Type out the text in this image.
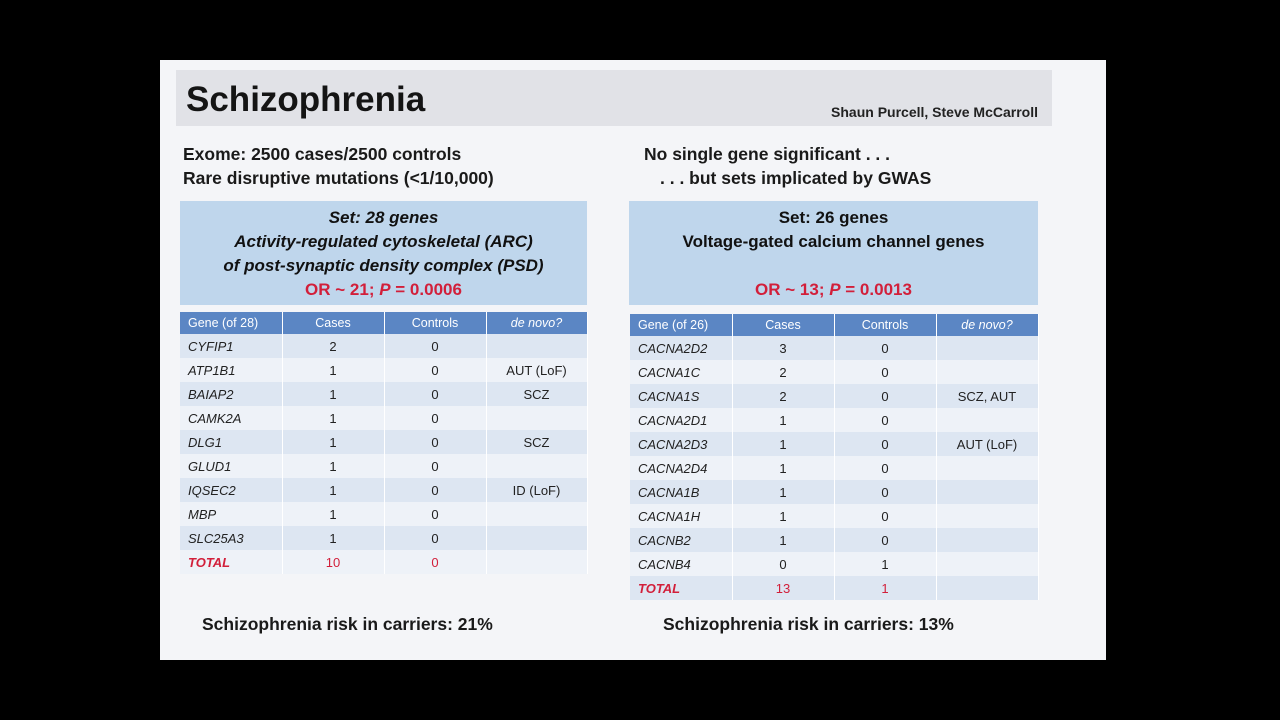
Schizophrenia	Shaun Purcell, Steve McCarroll
Exome: 2500 cases/2500 controls
Rare disruptive mutations (<1/10,000)
Set: 28 genes
Activity-regulated cytoskeletal (ARC)
of post-synaptic density complex (PSD)
OR ~ 21; P = 0.0006
Gene (of 28)	Cases	Controls	de novo?
CYFIP1	2	0	
ATP1B1	1	0	AUT (LoF)
BAIAP2	1	0	SCZ
CAMK2A	1	0	
DLG1	1	0	SCZ
GLUD1	1	0	
IQSEC2	1	0	ID (LoF)
MBP	1	0	
SLC25A3	1	0	
TOTAL	10	0	
Schizophrenia risk in carriers: 21%
No single gene significant . . .
. . . but sets implicated by GWAS
Set: 26 genes
Voltage-gated calcium channel genes
OR ~ 13; P = 0.0013
Gene (of 26)	Cases	Controls	de novo?
CACNA2D2	3	0	
CACNA1C	2	0	
CACNA1S	2	0	SCZ, AUT
CACNA2D1	1	0	
CACNA2D3	1	0	AUT (LoF)
CACNA2D4	1	0	
CACNA1B	1	0	
CACNA1H	1	0	
CACNB2	1	0	
CACNB4	0	1	
TOTAL	13	1	
Schizophrenia risk in carriers: 13%
